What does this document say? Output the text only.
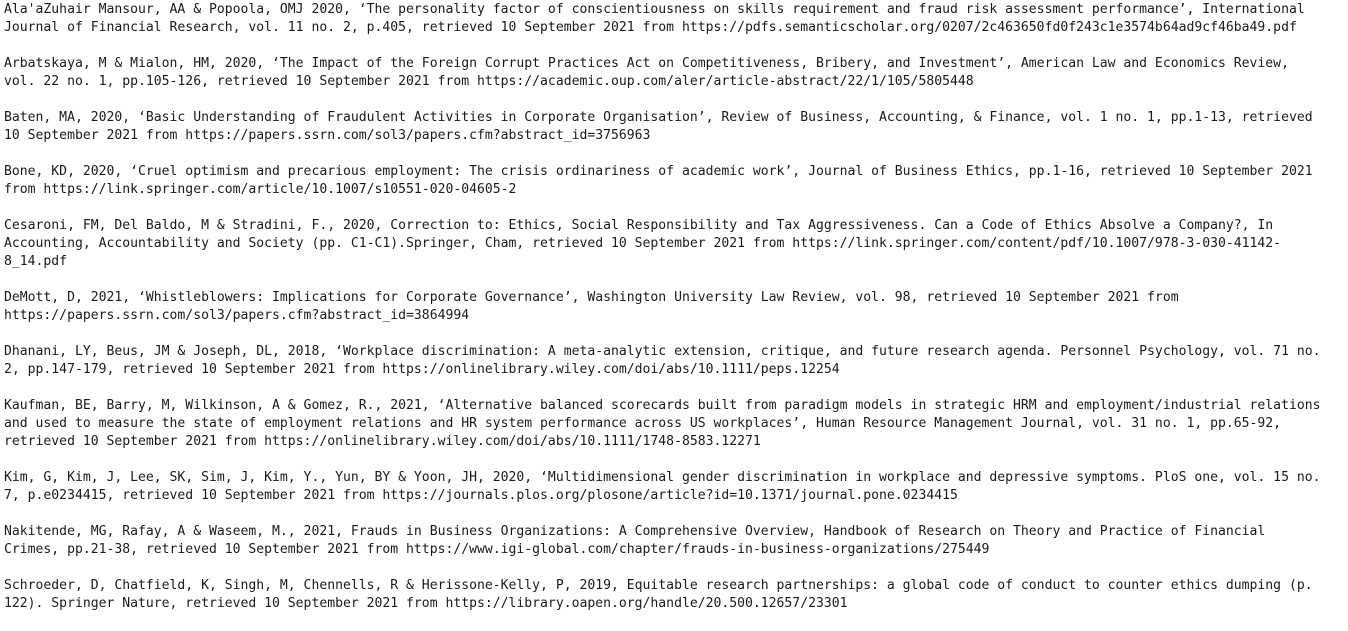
Ala'aZuhair Mansour, AA & Popoola, OMJ 2020, ‘The personality factor of conscientiousness on skills requirement and fraud risk assessment performance’, International
Journal of Financial Research, vol. 11 no. 2, p.405, retrieved 10 September 2021 from https://pdfs.semanticscholar.org/0207/2c463650fd0f243c1e3574b64ad9cf46ba49.pdf
Arbatskaya, M & Mialon, HM, 2020, ‘The Impact of the Foreign Corrupt Practices Act on Competitiveness, Bribery, and Investment’, American Law and Economics Review,
vol. 22 no. 1, pp.105-126, retrieved 10 September 2021 from https://academic.oup.com/aler/article-abstract/22/1/105/5805448
Baten, MA, 2020, ‘Basic Understanding of Fraudulent Activities in Corporate Organisation’, Review of Business, Accounting, & Finance, vol. 1 no. 1, pp.1-13, retrieved
10 September 2021 from https://papers.ssrn.com/sol3/papers.cfm?abstract_id=3756963
Bone, KD, 2020, ‘Cruel optimism and precarious employment: The crisis ordinariness of academic work’, Journal of Business Ethics, pp.1-16, retrieved 10 September 2021
from https://link.springer.com/article/10.1007/s10551-020-04605-2
Cesaroni, FM, Del Baldo, M & Stradini, F., 2020, Correction to: Ethics, Social Responsibility and Tax Aggressiveness. Can a Code of Ethics Absolve a Company?, In
Accounting, Accountability and Society (pp. C1-C1).Springer, Cham, retrieved 10 September 2021 from https://link.springer.com/content/pdf/10.1007/978-3-030-41142-
8_14.pdf
DeMott, D, 2021, ‘Whistleblowers: Implications for Corporate Governance’, Washington University Law Review, vol. 98, retrieved 10 September 2021 from
https://papers.ssrn.com/sol3/papers.cfm?abstract_id=3864994
Dhanani, LY, Beus, JM & Joseph, DL, 2018, ‘Workplace discrimination: A meta-analytic extension, critique, and future research agenda. Personnel Psychology, vol. 71 no.
2, pp.147-179, retrieved 10 September 2021 from https://onlinelibrary.wiley.com/doi/abs/10.1111/peps.12254
Kaufman, BE, Barry, M, Wilkinson, A & Gomez, R., 2021, ‘Alternative balanced scorecards built from paradigm models in strategic HRM and employment/industrial relations
and used to measure the state of employment relations and HR system performance across US workplaces’, Human Resource Management Journal, vol. 31 no. 1, pp.65-92,
retrieved 10 September 2021 from https://onlinelibrary.wiley.com/doi/abs/10.1111/1748-8583.12271
Kim, G, Kim, J, Lee, SK, Sim, J, Kim, Y., Yun, BY & Yoon, JH, 2020, ‘Multidimensional gender discrimination in workplace and depressive symptoms. PloS one, vol. 15 no.
7, p.e0234415, retrieved 10 September 2021 from https://journals.plos.org/plosone/article?id=10.1371/journal.pone.0234415
Nakitende, MG, Rafay, A & Waseem, M., 2021, Frauds in Business Organizations: A Comprehensive Overview, Handbook of Research on Theory and Practice of Financial
Crimes, pp.21-38, retrieved 10 September 2021 from https://www.igi-global.com/chapter/frauds-in-business-organizations/275449
Schroeder, D, Chatfield, K, Singh, M, Chennells, R & Herissone-Kelly, P, 2019, Equitable research partnerships: a global code of conduct to counter ethics dumping (p.
122). Springer Nature, retrieved 10 September 2021 from https://library.oapen.org/handle/20.500.12657/23301
